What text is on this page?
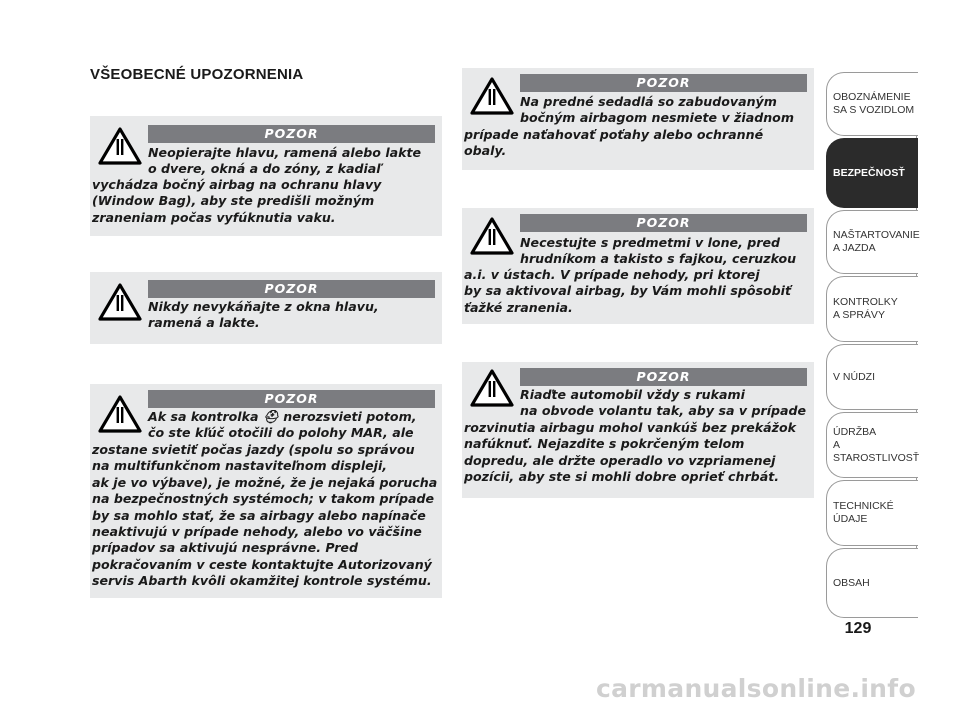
VŠEOBECNÉ UPOZORNENIA
POZOR
Neopierajte hlavu, ramená alebo lakte
o dvere, okná a do zóny, z kadiaľ
vychádza bočný airbag na ochranu hlavy
(Window Bag), aby ste predišli možným
zraneniam počas vyfúknutia vaku.
POZOR
Nikdy nevykáňajte z okna hlavu,
ramená a lakte.
POZOR
Ak sa kontrolka ⛑ nerozsvieti potom,
čo ste kľúč otočili do polohy MAR, ale
zostane svietiť počas jazdy (spolu so správou
na multifunkčnom nastaviteľnom displeji,
ak je vo výbave), je možné, že je nejaká porucha
na bezpečnostných systémoch; v takom prípade
by sa mohlo stať, že sa airbagy alebo napínače
neaktivujú v prípade nehody, alebo vo väčšine
prípadov sa aktivujú nesprávne. Pred
pokračovaním v ceste kontaktujte Autorizovaný
servis Abarth kvôli okamžitej kontrole systému.
POZOR
Na predné sedadlá so zabudovaným
bočným airbagom nesmiete v žiadnom
prípade naťahovať poťahy alebo ochranné
obaly.
POZOR
Necestujte s predmetmi v lone, pred
hrudníkom a takisto s fajkou, ceruzkou
a.i. v ústach. V prípade nehody, pri ktorej
by sa aktivoval airbag, by Vám mohli spôsobiť
ťažké zranenia.
POZOR
Riaďte automobil vždy s rukami
na obvode volantu tak, aby sa v prípade
rozvinutia airbagu mohol vankúš bez prekážok
nafúknuť. Nejazdite s pokrčeným telom
dopredu, ale držte operadlo vo vzpriamenej
pozícii, aby ste si mohli dobre oprieť chrbát.
OBOZNÁMENIE
SA S VOZIDLOM
BEZPEČNOSŤ
NAŠTARTOVANIE
A JAZDA
KONTROLKY
A SPRÁVY
V NÚDZI
ÚDRŽBA
A STAROSTLIVOSŤ
TECHNICKÉ
ÚDAJE
OBSAH
129
carmanualsonline.info
